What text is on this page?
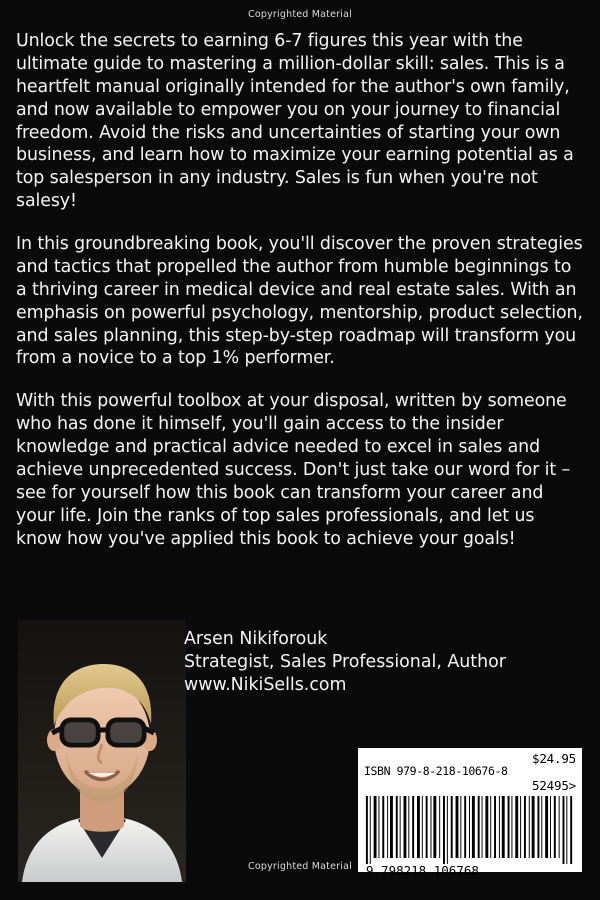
Copyrighted Material

Unlock the secrets to earning 6-7 figures this year with the ultimate guide to mastering a million-dollar skill: sales. This is a heartfelt manual originally intended for the author's own family, and now available to empower you on your journey to financial freedom. Avoid the risks and uncertainties of starting your own business, and learn how to maximize your earning potential as a top salesperson in any industry. Sales is fun when you're not salesy!

In this groundbreaking book, you'll discover the proven strategies and tactics that propelled the author from humble beginnings to a thriving career in medical device and real estate sales. With an emphasis on powerful psychology, mentorship, product selection, and sales planning, this step-by-step roadmap will transform you from a novice to a top 1% performer.

With this powerful toolbox at your disposal, written by someone who has done it himself, you'll gain access to the insider knowledge and practical advice needed to excel in sales and achieve unprecedented success. Don't just take our word for it – see for yourself how this book can transform your career and your life. Join the ranks of top sales professionals, and let us know how you've applied this book to achieve your goals!

Arsen Nikiforouk
Strategist, Sales Professional, Author
www.NikiSells.com
$24.95
ISBN 979-8-218-10676-8
52495>
9 798218 106768
Copyrighted Material
